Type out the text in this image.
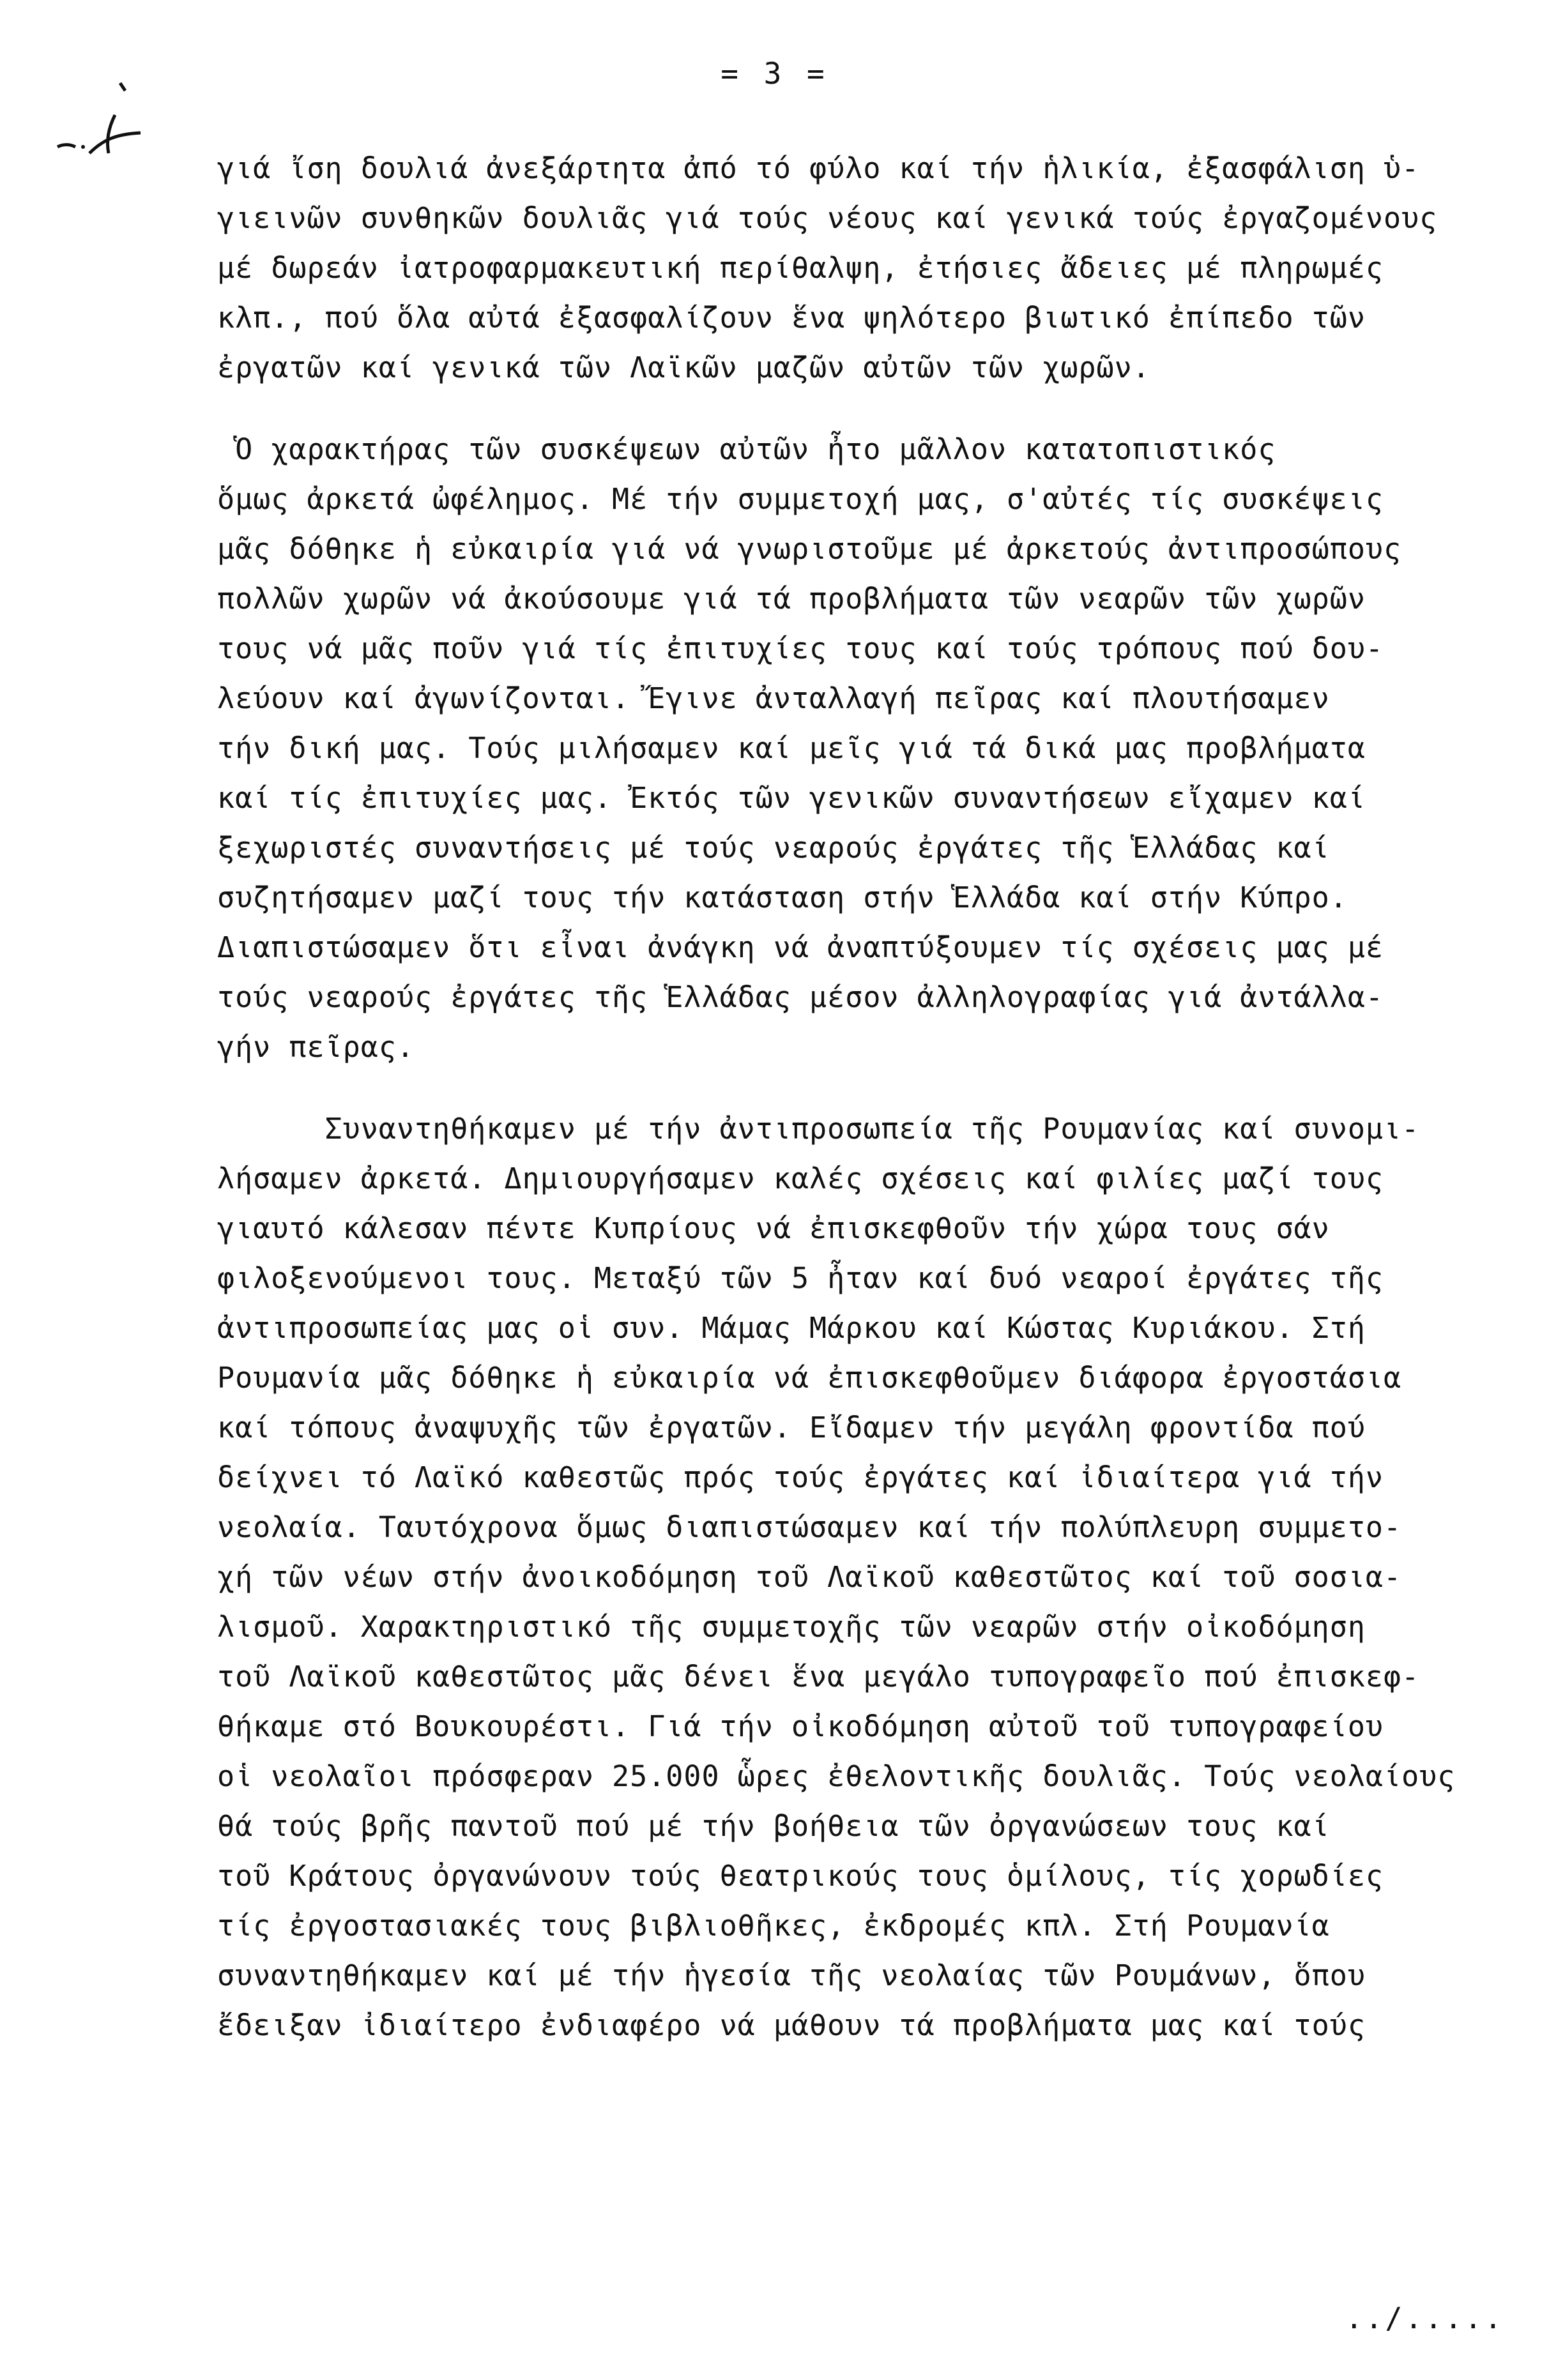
= 3 =
γιά ἴση δουλιά ἀνεξάρτητα ἀπό τό φύλο καί τήν ἡλικία, ἐξασφάλιση ὑ-
γιεινῶν συνθηκῶν δουλιᾶς γιά τούς νέους καί γενικά τούς ἐργαζομένους
μέ δωρεάν ἰατροφαρμακευτική περίθαλψη, ἐτήσιες ἄδειες μέ πληρωμές
κλπ., πού ὅλα αὐτά ἐξασφαλίζουν ἕνα ψηλότερο βιωτικό ἐπίπεδο τῶν
ἐργατῶν καί γενικά τῶν Λαϊκῶν μαζῶν αὐτῶν τῶν χωρῶν.
Ὁ χαρακτήρας τῶν συσκέψεων αὐτῶν ἦτο μᾶλλον κατατοπιστικός
ὅμως ἀρκετά ὠφέλημος. Μέ τήν συμμετοχή μας, σ'αὐτές τίς συσκέψεις
μᾶς δόθηκε ἡ εὐκαιρία γιά νά γνωριστοῦμε μέ ἀρκετούς ἀντιπροσώπους
πολλῶν χωρῶν νά ἀκούσουμε γιά τά προβλήματα τῶν νεαρῶν τῶν χωρῶν
τους νά μᾶς ποῦν γιά τίς ἐπιτυχίες τους καί τούς τρόπους πού δου-
λεύουν καί ἀγωνίζονται. Ἔγινε ἀνταλλαγή πεῖρας καί πλουτήσαμεν
τήν δική μας. Τούς μιλήσαμεν καί μεῖς γιά τά δικά μας προβλήματα
καί τίς ἐπιτυχίες μας. Ἐκτός τῶν γενικῶν συναντήσεων εἴχαμεν καί
ξεχωριστές συναντήσεις μέ τούς νεαρούς ἐργάτες τῆς Ἑλλάδας καί
συζητήσαμεν μαζί τους τήν κατάσταση στήν Ἑλλάδα καί στήν Κύπρο.
Διαπιστώσαμεν ὅτι εἶναι ἀνάγκη νά ἀναπτύξουμεν τίς σχέσεις μας μέ
τούς νεαρούς ἐργάτες τῆς Ἑλλάδας μέσον ἀλληλογραφίας γιά ἀντάλλα-
γήν πεῖρας.
Συναντηθήκαμεν μέ τήν ἀντιπροσωπεία τῆς Ρουμανίας καί συνομι-
λήσαμεν ἀρκετά. Δημιουργήσαμεν καλές σχέσεις καί φιλίες μαζί τους
γιαυτό κάλεσαν πέντε Κυπρίους νά ἐπισκεφθοῦν τήν χώρα τους σάν
φιλοξενούμενοι τους. Μεταξύ τῶν 5 ἦταν καί δυό νεαροί ἐργάτες τῆς
ἀντιπροσωπείας μας οἱ συν. Μάμας Μάρκου καί Κώστας Κυριάκου. Στή
Ρουμανία μᾶς δόθηκε ἡ εὐκαιρία νά ἐπισκεφθοῦμεν διάφορα ἐργοστάσια
καί τόπους ἀναψυχῆς τῶν ἐργατῶν. Εἴδαμεν τήν μεγάλη φροντίδα πού
δείχνει τό Λαϊκό καθεστῶς πρός τούς ἐργάτες καί ἰδιαίτερα γιά τήν
νεολαία. Ταυτόχρονα ὅμως διαπιστώσαμεν καί τήν πολύπλευρη συμμετο-
χή τῶν νέων στήν ἀνοικοδόμηση τοῦ Λαϊκοῦ καθεστῶτος καί τοῦ σοσια-
λισμοῦ. Χαρακτηριστικό τῆς συμμετοχῆς τῶν νεαρῶν στήν οἰκοδόμηση
τοῦ Λαϊκοῦ καθεστῶτος μᾶς δένει ἕνα μεγάλο τυπογραφεῖο πού ἐπισκεφ-
θήκαμε στό Βουκουρέστι. Γιά τήν οἰκοδόμηση αὐτοῦ τοῦ τυπογραφείου
οἱ νεολαῖοι πρόσφεραν 25.000 ὧρες ἐθελοντικῆς δουλιᾶς. Τούς νεολαίους
θά τούς βρῆς παντοῦ πού μέ τήν βοήθεια τῶν ὀργανώσεων τους καί
τοῦ Κράτους ὀργανώνουν τούς θεατρικούς τους ὁμίλους, τίς χορωδίες
τίς ἐργοστασιακές τους βιβλιοθῆκες, ἐκδρομές κπλ. Στή Ρουμανία
συναντηθήκαμεν καί μέ τήν ἡγεσία τῆς νεολαίας τῶν Ρουμάνων, ὅπου
ἔδειξαν ἰδιαίτερο ἐνδιαφέρο νά μάθουν τά προβλήματα μας καί τούς
../.....
